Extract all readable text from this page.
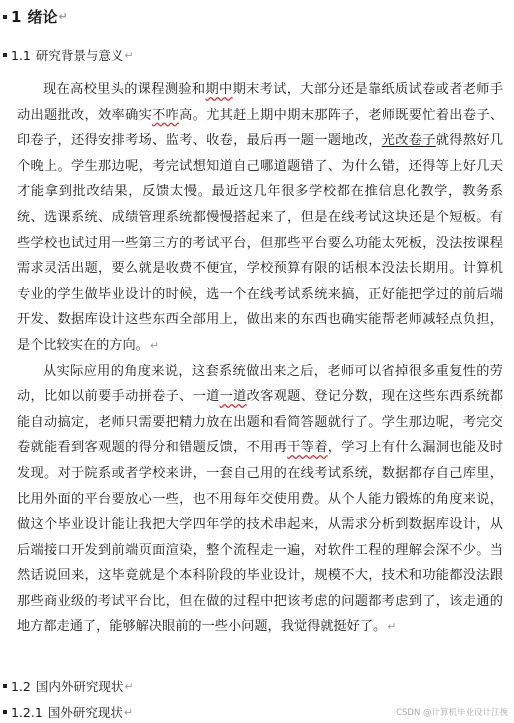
1 绪论 ↵
1.1 研究背景与意义 ↵

现在高校里头的课程测验和期中期末考试，大部分还是靠纸质试卷或者老师手动出题批改，效率确实不咋高。尤其赶上期中期末那阵子，老师既要忙着出卷子、印卷子，还得安排考场、监考、收卷，最后再一题一题地改，光改卷子就得熬好几个晚上。学生那边呢，考完试想知道自己哪道题错了、为什么错，还得等上好几天才能拿到批改结果，反馈太慢。最近这几年很多学校都在推信息化教学，教务系统、选课系统、成绩管理系统都慢慢搭起来了，但是在线考试这块还是个短板。有些学校也试过用一些第三方的考试平台，但那些平台要么功能太死板，没法按课程需求灵活出题，要么就是收费不便宜，学校预算有限的话根本没法长期用。计算机专业的学生做毕业设计的时候，选一个在线考试系统来搞，正好能把学过的前后端开发、数据库设计这些东西全部用上，做出来的东西也确实能帮老师减轻点负担，是个比较实在的方向。↵

从实际应用的角度来说，这套系统做出来之后，老师可以省掉很多重复性的劳动，比如以前要手动拼卷子、一道一道改客观题、登记分数，现在这些东西系统都能自动搞定，老师只需要把精力放在出题和看简答题就行了。学生那边呢，考完交卷就能看到客观题的得分和错题反馈，不用再干等着，学习上有什么漏洞也能及时发现。对于院系或者学校来讲，一套自己用的在线考试系统，数据都存自己库里，比用外面的平台要放心一些，也不用每年交使用费。从个人能力锻炼的角度来说，做这个毕业设计能让我把大学四年学的技术串起来，从需求分析到数据库设计，从后端接口开发到前端页面渲染，整个流程走一遍，对软件工程的理解会深不少。当然话说回来，这毕竟就是个本科阶段的毕业设计，规模不大，技术和功能都没法跟那些商业级的考试平台比，但在做的过程中把该考虑的问题都考虑到了，该走通的地方都走通了，能够解决眼前的一些小问题，我觉得就挺好了。↵

1.2 国内外研究现状 ↵
1.2.1 国外研究现状 ↵	CSDN @计算机毕业设计江挽
